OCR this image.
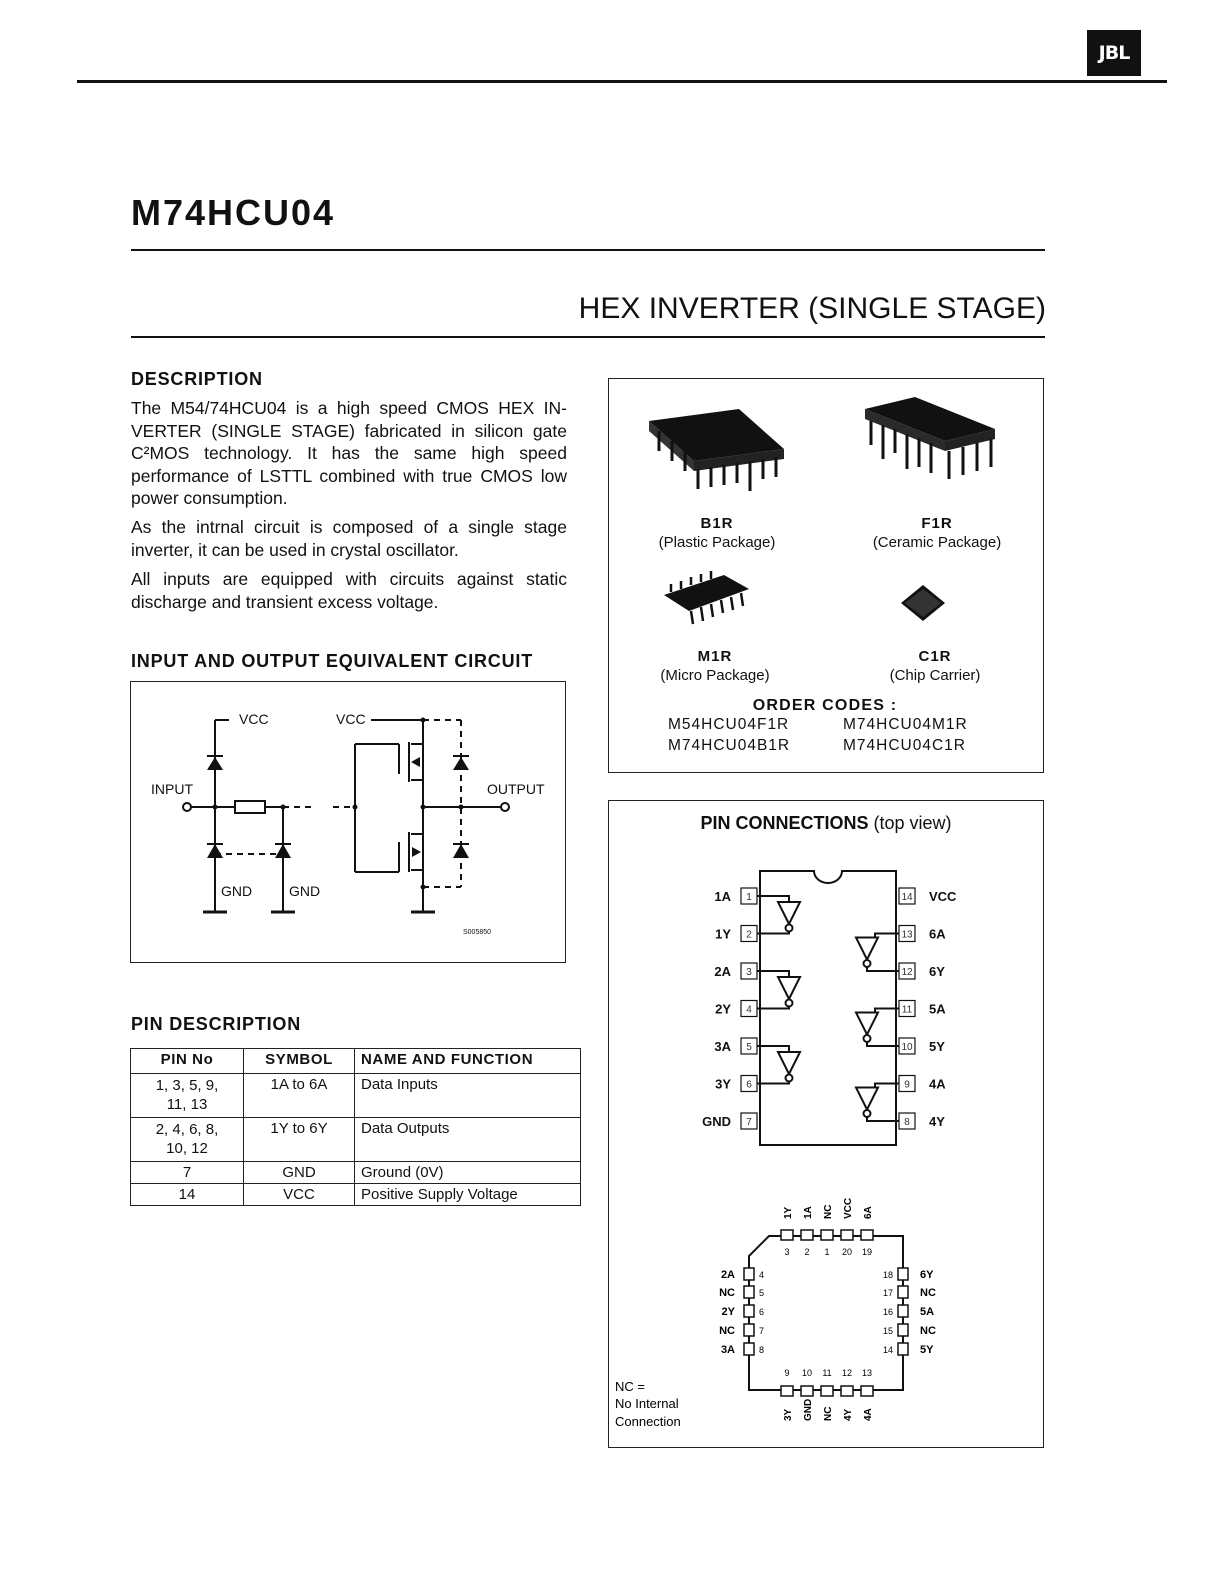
JBL
M74HCU04
HEX INVERTER (SINGLE STAGE)
DESCRIPTION
The M54/74HCU04 is a high speed CMOS HEX IN-VERTER (SINGLE STAGE) fabricated in silicon gate C²MOS technology. It has the same high speed performance of LSTTL combined with true CMOS low power consumption.
As the intrnal circuit is composed of a single stage inverter, it can be used in crystal oscillator.
All inputs are equipped with circuits against static discharge and transient excess voltage.
INPUT AND OUTPUT EQUIVALENT CIRCUIT
VCC	VCC
INPUT	OUTPUT
GND	GND
S005850
PIN DESCRIPTION
PIN No	SYMBOL	NAME AND FUNCTION
1, 3, 5, 9,
11, 13	1A to 6A	Data Inputs
2, 4, 6, 8,
10, 12	1Y to 6Y	Data Outputs
7	GND	Ground (0V)
14	VCC	Positive Supply Voltage
B1R
(Plastic Package)
F1R
(Ceramic Package)
M1R
(Micro Package)
C1R
(Chip Carrier)
ORDER CODES :
M54HCU04F1R	M74HCU04M1R
M74HCU04B1R	M74HCU04C1R
PIN CONNECTIONS (top view)
1
1A
2
1Y
3
2A
4
2Y
5
3A
6
3Y
7
GND
14 VCC
13 6A
12 6Y
11 5A
10 5Y
9 4A
8 4Y
3
1Y
2
1A
1
NC
20
VCC
19
6A
9
3Y
10
GND
11
NC
12
4Y
13
4A
4
2A
5
NC
6
2Y
7
NC
8
3A
18 6Y
17 NC
16 5A
15 NC
14 5Y
NC =
No Internal
Connection
